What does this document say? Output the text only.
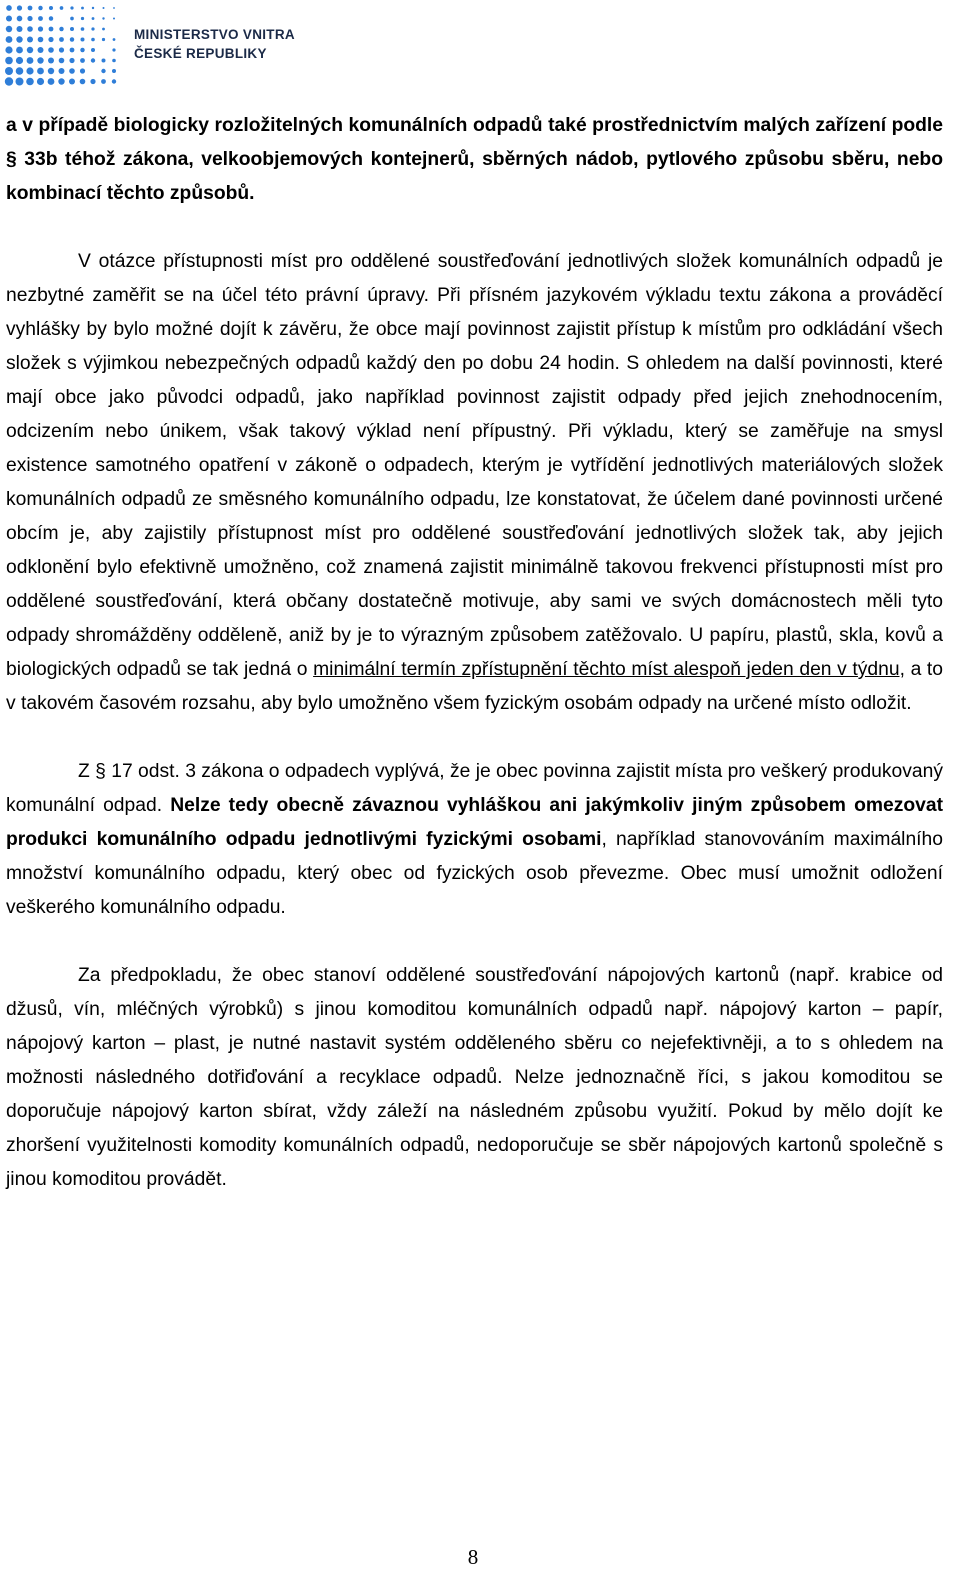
MINISTERSTVO VNITRA
ČESKÉ REPUBLIKY

a v případě biologicky rozložitelných komunálních odpadů také prostřednictvím malých zařízení podle § 33b téhož zákona, velkoobjemových kontejnerů, sběrných nádob, pytlového způsobu sběru, nebo kombinací těchto způsobů.

V otázce přístupnosti míst pro oddělené soustřeďování jednotlivých složek komunálních odpadů je nezbytné zaměřit se na účel této právní úpravy. Při přísném jazykovém výkladu textu zákona a prováděcí vyhlášky by bylo možné dojít k závěru, že obce mají povinnost zajistit přístup k místům pro odkládání všech složek s výjimkou nebezpečných odpadů každý den po dobu 24 hodin. S ohledem na další povinnosti, které mají obce jako původci odpadů, jako například povinnost zajistit odpady před jejich znehodnocením, odcizením nebo únikem, však takový výklad není přípustný. Při výkladu, který se zaměřuje na smysl existence samotného opatření v zákoně o odpadech, kterým je vytřídění jednotlivých materiálových složek komunálních odpadů ze směsného komunálního odpadu, lze konstatovat, že účelem dané povinnosti určené obcím je, aby zajistily přístupnost míst pro oddělené soustřeďování jednotlivých složek tak, aby jejich odklonění bylo efektivně umožněno, což znamená zajistit minimálně takovou frekvenci přístupnosti míst pro oddělené soustřeďování, která občany dostatečně motivuje, aby sami ve svých domácnostech měli tyto odpady shromážděny odděleně, aniž by je to výrazným způsobem zatěžovalo. U papíru, plastů, skla, kovů a biologických odpadů se tak jedná o minimální termín zpřístupnění těchto míst alespoň jeden den v týdnu, a to v takovém časovém rozsahu, aby bylo umožněno všem fyzickým osobám odpady na určené místo odložit.

Z § 17 odst. 3 zákona o odpadech vyplývá, že je obec povinna zajistit místa pro veškerý produkovaný komunální odpad. Nelze tedy obecně závaznou vyhláškou ani jakýmkoliv jiným způsobem omezovat produkci komunálního odpadu jednotlivými fyzickými osobami, například stanovováním maximálního množství komunálního odpadu, který obec od fyzických osob převezme. Obec musí umožnit odložení veškerého komunálního odpadu.

Za předpokladu, že obec stanoví oddělené soustřeďování nápojových kartonů (např. krabice od džusů, vín, mléčných výrobků) s jinou komoditou komunálních odpadů např. nápojový karton – papír, nápojový karton – plast, je nutné nastavit systém odděleného sběru co nejefektivněji, a to s ohledem na možnosti následného dotřiďování a recyklace odpadů. Nelze jednoznačně říci, s jakou komoditou se doporučuje nápojový karton sbírat, vždy záleží na následném způsobu využití. Pokud by mělo dojít ke zhoršení využitelnosti komodity komunálních odpadů, nedoporučuje se sběr nápojových kartonů společně s jinou komoditou provádět.

8
